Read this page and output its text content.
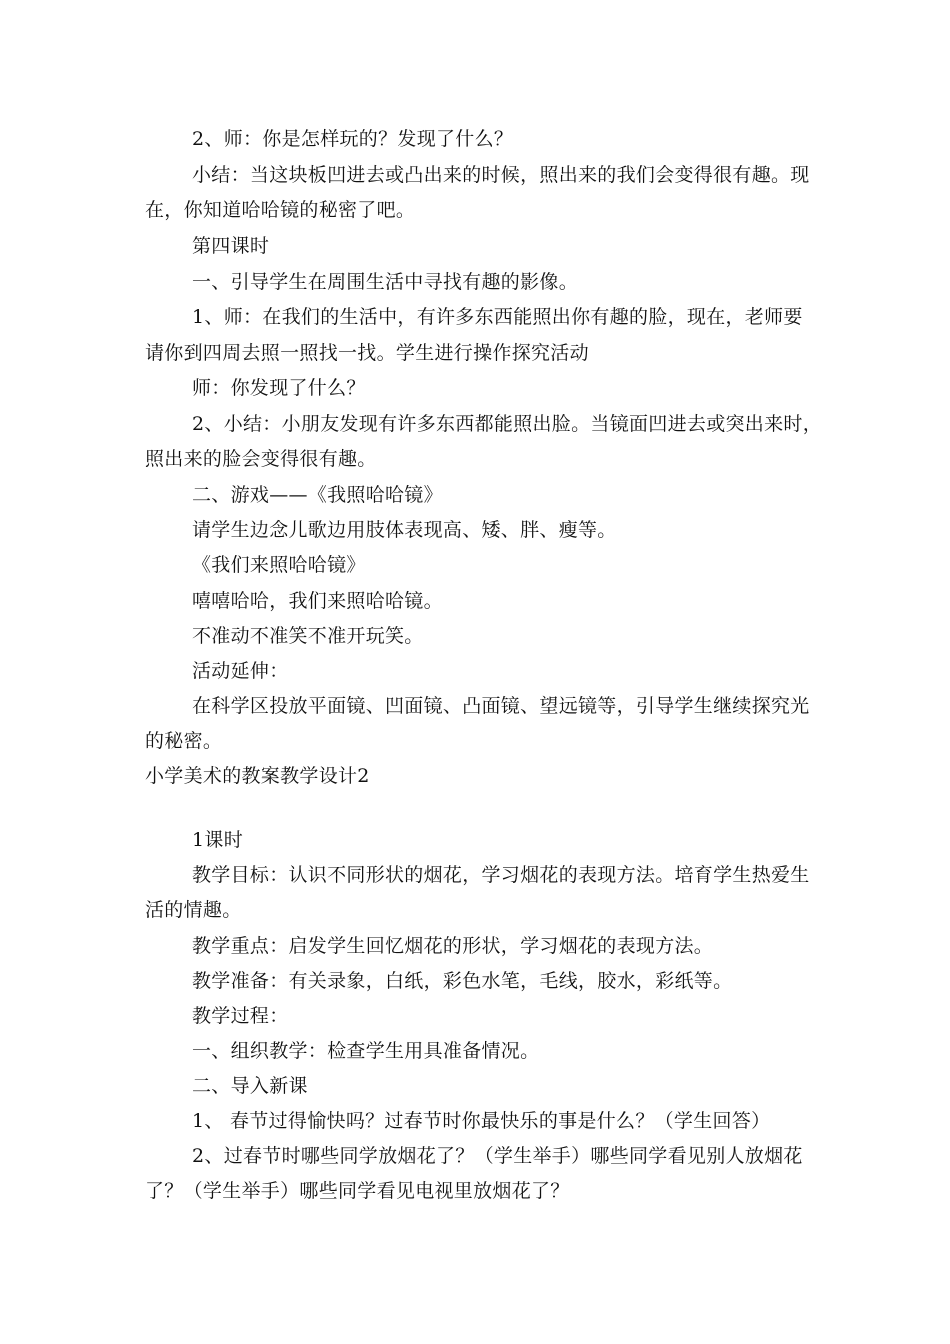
2、师：你是怎样玩的？发现了什么？
小结：当这块板凹进去或凸出来的时候，照出来的我们会变得很有趣。现
在，你知道哈哈镜的秘密了吧。
第四课时
一、引导学生在周围生活中寻找有趣的影像。
1、师：在我们的生活中，有许多东西能照出你有趣的脸，现在，老师要
请你到四周去照一照找一找。学生进行操作探究活动
师：你发现了什么？
2、小结：小朋友发现有许多东西都能照出脸。当镜面凹进去或突出来时，
照出来的脸会变得很有趣。
二、游戏——《我照哈哈镜》
请学生边念儿歌边用肢体表现高、矮、胖、瘦等。
《我们来照哈哈镜》
嘻嘻哈哈，我们来照哈哈镜。
不准动不准笑不准开玩笑。
活动延伸：
在科学区投放平面镜、凹面镜、凸面镜、望远镜等，引导学生继续探究光
的秘密。
小学美术的教案教学设计2
1课时
教学目标：认识不同形状的烟花，学习烟花的表现方法。培育学生热爱生
活的情趣。
教学重点：启发学生回忆烟花的形状，学习烟花的表现方法。
教学准备：有关录象，白纸，彩色水笔，毛线，胶水，彩纸等。
教学过程：
一、组织教学：检查学生用具准备情况。
二、导入新课
1、 春节过得愉快吗？过春节时你最快乐的事是什么？（学生回答）
2、过春节时哪些同学放烟花了？（学生举手）哪些同学看见别人放烟花
了？（学生举手）哪些同学看见电视里放烟花了？
